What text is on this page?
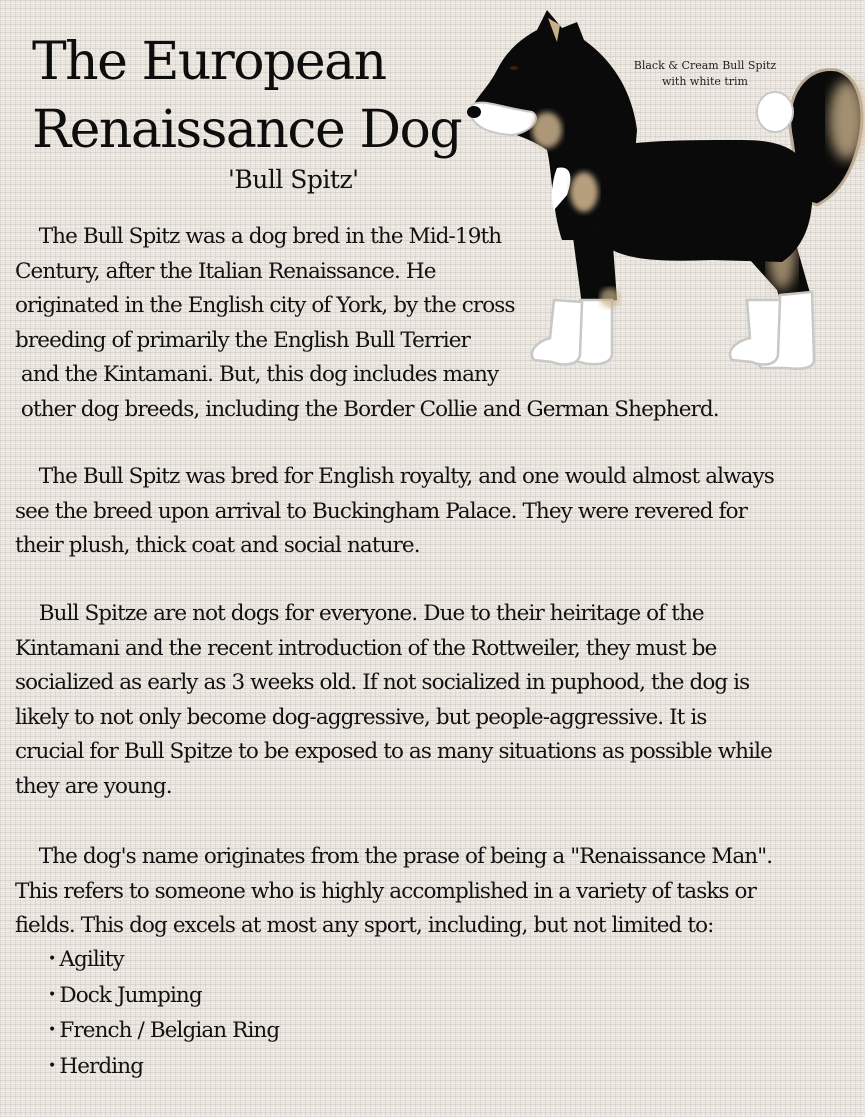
The European
Renaissance Dog
'Bull Spitz'
Black & Cream Bull Spitz
with white trim
The Bull Spitz was a dog bred in the Mid-19th
Century, after the Italian Renaissance. He
originated in the English city of York, by the cross
breeding of primarily the English Bull Terrier
and the Kintamani. But, this dog includes many
other dog breeds, including the Border Collie and German Shepherd.
The Bull Spitz was bred for English royalty, and one would almost always
see the breed upon arrival to Buckingham Palace. They were revered for
their plush, thick coat and social nature.
Bull Spitze are not dogs for everyone. Due to their heiritage of the
Kintamani and the recent introduction of the Rottweiler, they must be
socialized as early as 3 weeks old. If not socialized in puphood, the dog is
likely to not only become dog-aggressive, but people-aggressive. It is
crucial for Bull Spitze to be exposed to as many situations as possible while
they are young.
The dog's name originates from the prase of being a "Renaissance Man".
This refers to someone who is highly accomplished in a variety of tasks or
fields. This dog excels at most any sport, including, but not limited to:
• Agility
• Dock Jumping
• French / Belgian Ring
• Herding
